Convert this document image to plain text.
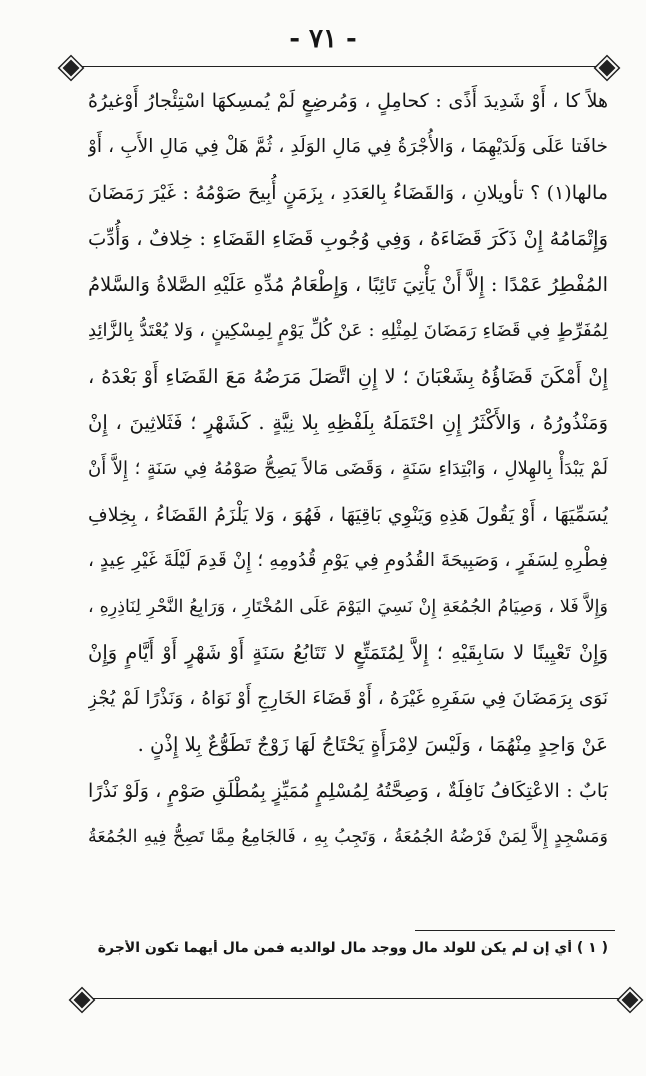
- ٧١ -
هلاً كا ، أَوْ شَدِيدَ أَذًى : كحامِلٍ ، وَمُرضِعٍ لَمْ يُمسِكهَا اسْتِئْجارُ أَوْغيرُهُ
خافَتا عَلَى وَلَدَيْهِمَا ، وَالأُجْرَةُ فِي مَالِ الوَلَدِ ، ثُمَّ هَلْ فِي مَالِ الأَبِ ، أَوْ
مالها(١) ؟ تأويلانِ ، وَالقَضَاءُ بِالعَدَدِ ، بِزَمَنٍ أُبِيحَ صَوْمُهُ : غَيْرَ رَمَضَانَ
وَإِتْمَامُهُ إِنْ ذَكَرَ قَضَاءَهُ ، وَفِي وُجُوبِ قَضَاءِ القَضَاءِ : خِلافٌ ، وَأُدِّبَ
المُفْطِرُ عَمْدًا : إِلاَّ أَنْ يَأْتِيَ تَائِبًا ، وَإِطْعَامُ مُدِّهِ عَلَيْهِ الصَّلاةُ وَالسَّلامُ
لِمُفَرِّطٍ فِي قَضَاءِ رَمَضَانَ لِمِثْلِهِ : عَنْ كُلِّ يَوْمٍ لِمِسْكِينٍ ، وَلا يُعْتَدُّ بِالزَّائِدِ
إِنْ أَمْكَنَ قَضَاؤُهُ بِشَعْبَانَ ؛ لا إِنِ اتَّصَلَ مَرَضُهُ مَعَ القَضَاءِ أَوْ بَعْدَهُ ،
وَمَنْذُورُهُ ، وَالأَكْثَرُ إِنِ احْتَمَلَهُ بِلَفْظِهِ بِلا نِيَّةٍ . كَشَهْرٍ ؛ فَثَلاثِينَ ، إِنْ
لَمْ يَبْدَأْ بِالهِلالِ ، وَابْتِدَاءِ سَنَةٍ ، وَقَضَى مَالاً يَصِحُّ صَوْمُهُ فِي سَنَةٍ ؛ إِلاَّ أَنْ
يُسَمِّيَهَا ، أَوْ يَقُولَ هَذِهِ وَيَنْوِي بَاقِيَهَا ، فَهُوَ ، وَلا يَلْزَمُ القَضَاءُ ، بِخِلافِ
فِطْرِهِ لِسَفَرٍ ، وَصَبِيحَةَ القُدُومِ فِي يَوْمِ قُدُومِهِ ؛ إِنْ قَدِمَ لَيْلَةَ غَيْرِ عِيدٍ ،
وَإِلاَّ فَلا ، وَصِيَامُ الجُمُعَةِ إِنْ نَسِيَ اليَوْمَ عَلَى المُخْتَارِ ، وَرَابِعُ النَّحْرِ لِنَاذِرِهِ ،
وَإِنْ تَعْيِينًا لا سَابِقَيْهِ ؛ إِلاَّ لِمُتَمَتِّعٍ لا تَتَابُعُ سَنَةٍ أَوْ شَهْرٍ أَوْ أَيَّامٍ وَإِنْ
نَوَى بِرَمَضَانَ فِي سَفَرِهِ غَيْرَهُ ، أَوْ قَضَاءَ الخَارِجِ أَوْ نَوَاهُ ، وَنَذْرًا لَمْ يُجْزِ
عَنْ وَاحِدٍ مِنْهُمَا ، وَلَيْسَ لاِمْرَأَةٍ يَحْتَاجُ لَهَا زَوْجٌ تَطَوُّعٌ بِلا إِذْنٍ .
بَابٌ : الاعْتِكَافُ نَافِلَةٌ ، وَصِحَّتُهُ لِمُسْلِمٍ مُمَيِّزٍ بِمُطْلَقِ صَوْمٍ ، وَلَوْ نَذْرًا
وَمَسْجِدٍ إِلاَّ لِمَنْ فَرْضُهُ الجُمُعَةُ ، وَتَجِبُ بِهِ ، فَالجَامِعُ مِمَّا تَصِحُّ فِيهِ الجُمُعَةُ
( ١ ) أي إن لم يكن للولد مال ووجد مال لوالديه فمن مال أيهما تكون الأجرة
